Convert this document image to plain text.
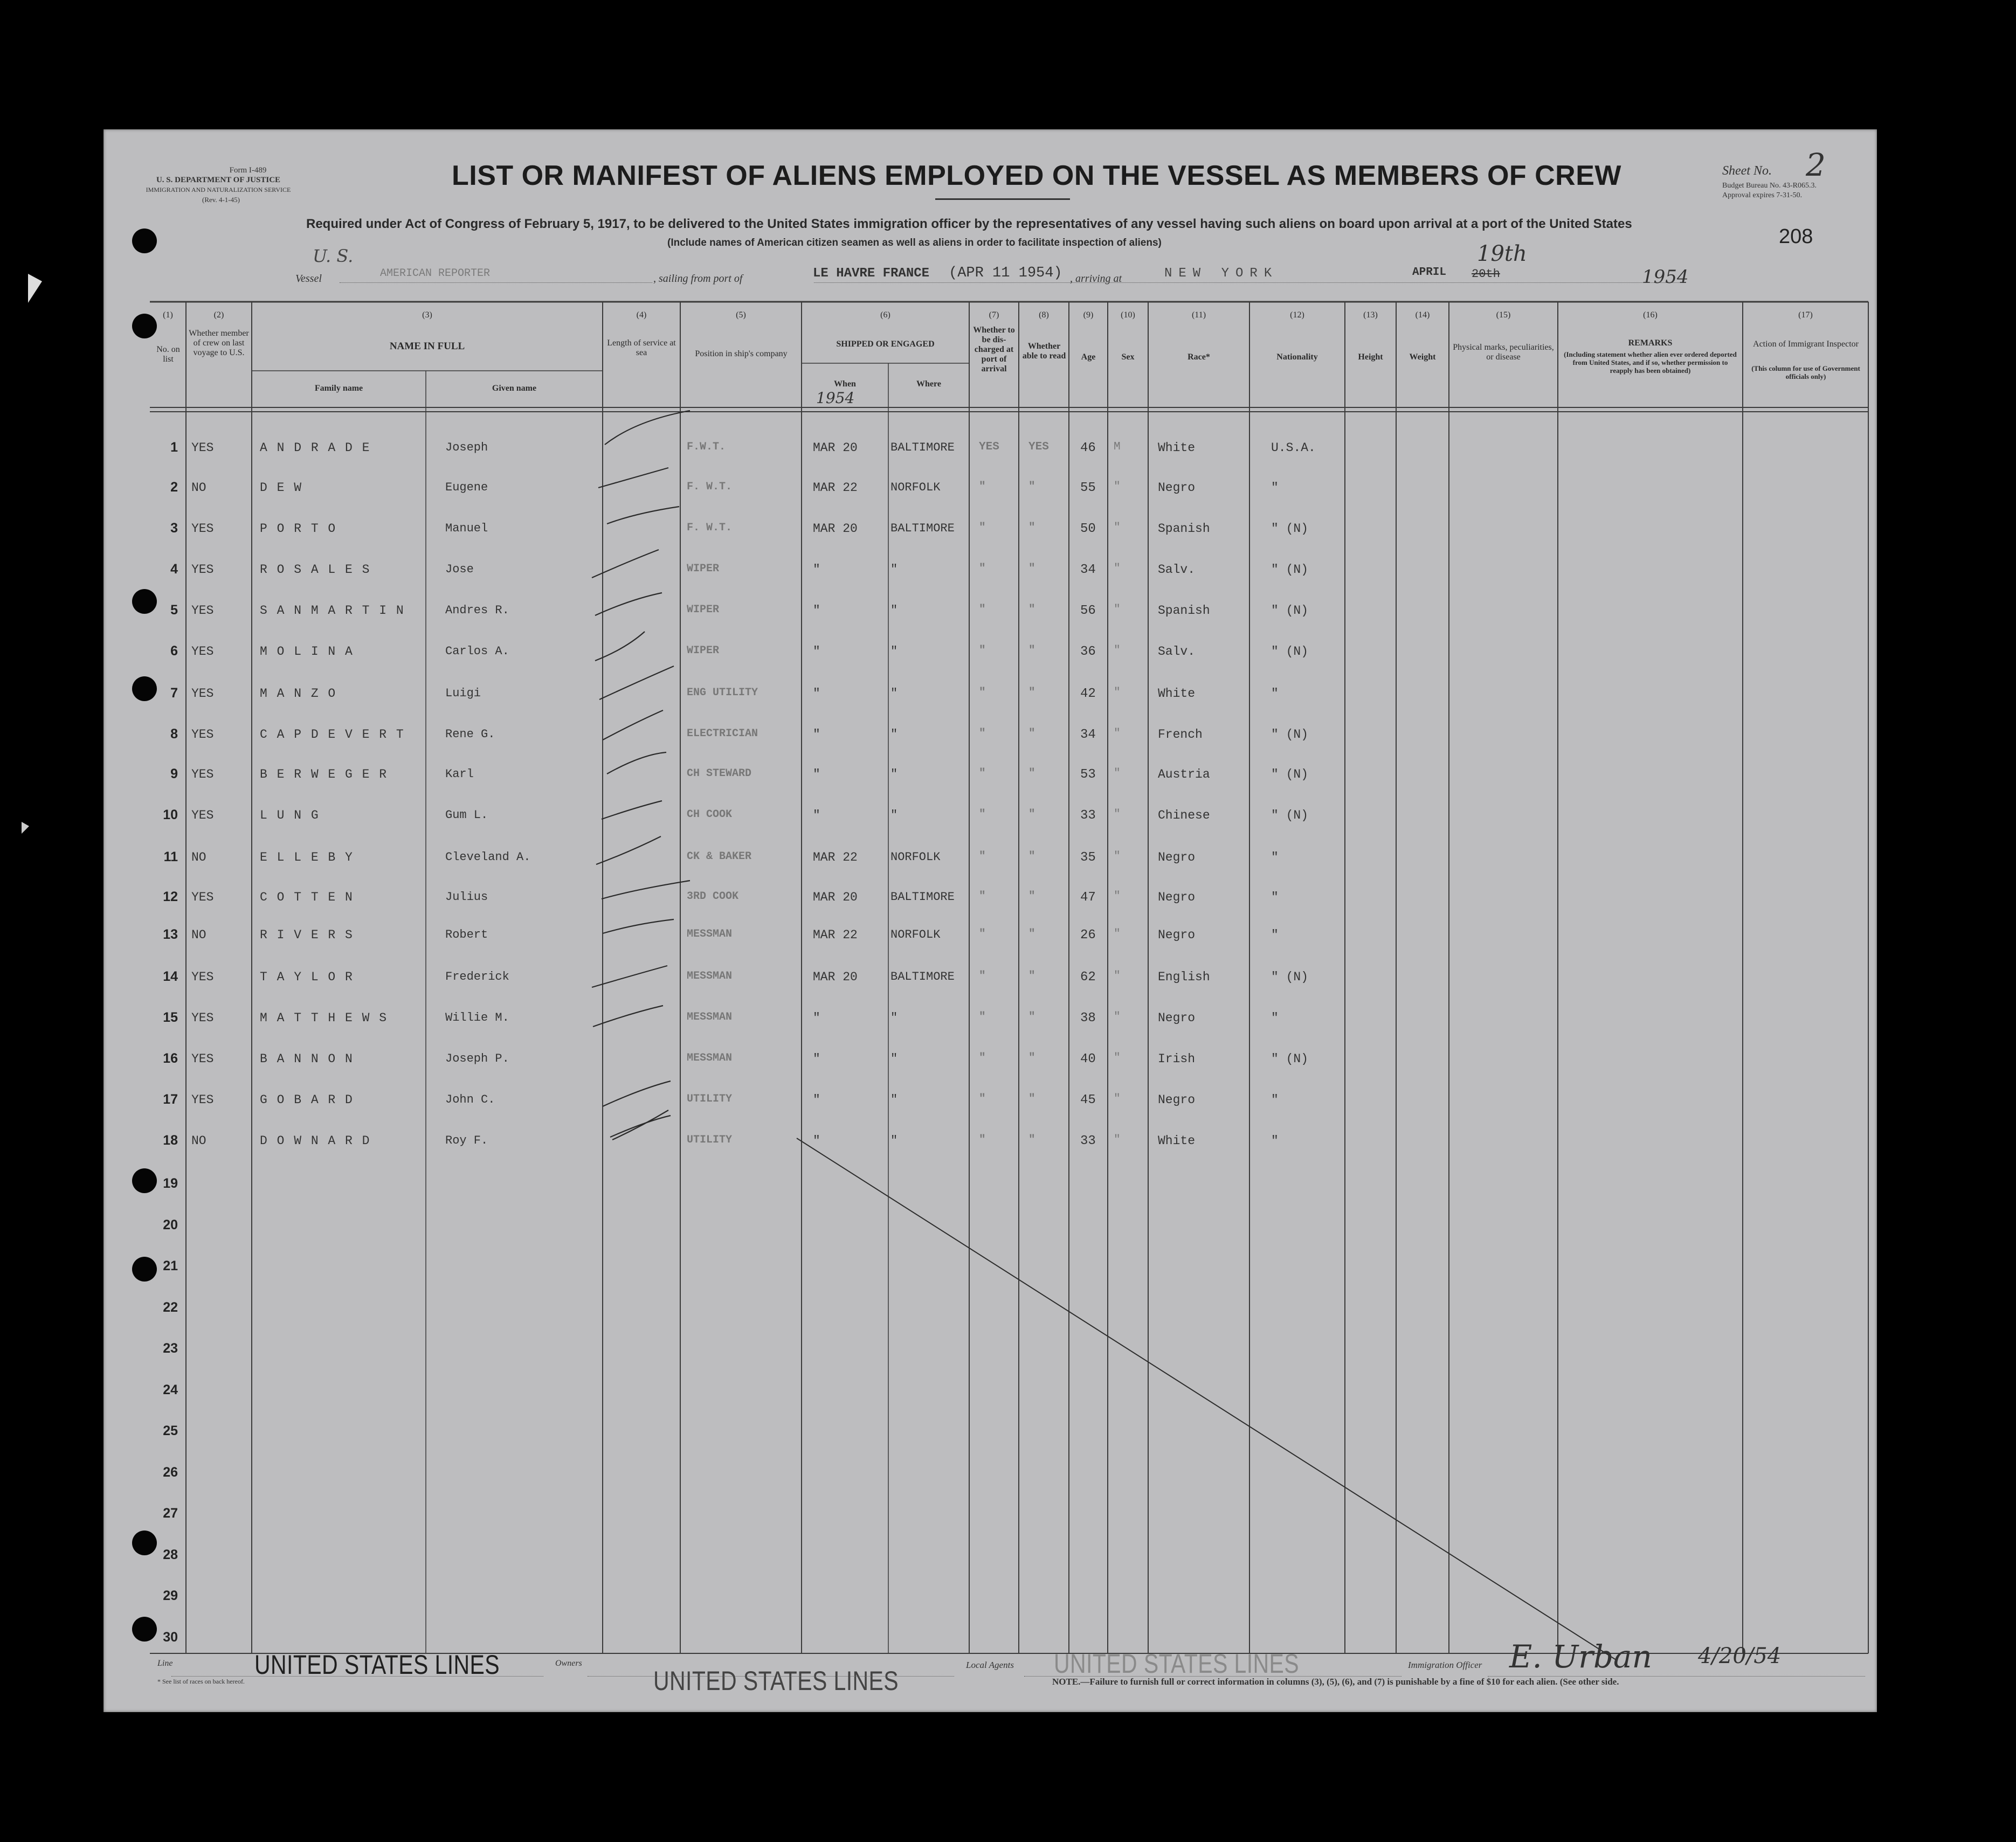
Form I-489
U. S. DEPARTMENT OF JUSTICE
IMMIGRATION AND NATURALIZATION SERVICE
(Rev. 4-1-45)
LIST OR MANIFEST OF ALIENS EMPLOYED ON THE VESSEL AS MEMBERS OF CREW
Required under Act of Congress of February 5, 1917, to be delivered to the United States immigration officer by the representatives of any vessel having such aliens on board upon arrival at a port of the United States
(Include names of American citizen seamen as well as aliens in order to facilitate inspection of aliens)
Sheet No. 2
Budget Bureau No. 43-R065.3.
Approval expires 7-31-50.
208
U. S.
Vessel	AMERICAN REPORTER	, sailing from port of	LE HAVRE FRANCE (APR 11 1954) , arriving at	NEW YORK	APRIL 20th
19th
1954
(1)	(2)	(3)	(4)	(5)	(6)	(7)	(8)	(9)	(10)	(11)	(12)	(13)	(14)	(15)	(16)	(17)
No. on list
Whether member of crew on last voyage to U.S.
NAME IN FULL
Family name	Given name
Length of service at sea	Position in ship's company
SHIPPED OR ENGAGED
When	Where
1954
Whether to be dis- charged at port of arrival
Whether able to read	Age	Sex	Race*	Nationality	Height	Weight
Physical marks, peculiarities, or disease
REMARKS
(Including statement whether alien ever ordered deported from United States, and if so, whether permission to reapply has been obtained)
Action of Immigrant Inspector
(This column for use of Government officials only)
1 YES	A N D R A D E	Joseph	F.W.T.	MAR 20	BALTIMORE YES	YES 46 M	White	U.S.A.
2 NO	D E W	Eugene	F. W.T.	MAR 22	NORFOLK	"	"	55 "	Negro	"
3 YES	P O R T O	Manuel	F. W.T.	MAR 20	BALTIMORE "	"	50 "	Spanish	" (N)
4 YES	R O S A L E S	Jose	WIPER	"	"	"	"	34 "	Salv.	" (N)
5 YES	S A N M A R T I N	Andres R.	WIPER	"	"	"	"	56 "	Spanish	" (N)
6 YES	M O L I N A	Carlos A.	WIPER	"	"	"	"	36 "	Salv.	" (N)
7 YES	M A N Z O	Luigi	ENG UTILITY	"	"	"	"	42 "	White	"
8 YES	C A P D E V E R T	Rene G.	ELECTRICIAN	"	"	"	"	34 "	French	" (N)
9 YES	B E R W E G E R	Karl	CH STEWARD	"	"	"	"	53 "	Austria	" (N)
10 YES	L U N G	Gum L.	CH COOK	"	"	"	"	33 "	Chinese	" (N)
11 NO	E L L E B Y	Cleveland A.	CK & BAKER	MAR 22	NORFOLK	"	"	35 "	Negro	"
12 YES	C O T T E N	Julius	3RD COOK	MAR 20	BALTIMORE "	"	47 "	Negro	"
13 NO	R I V E R S	Robert	MESSMAN	MAR 22	NORFOLK	"	"	26 "	Negro	"
14 YES	T A Y L O R	Frederick	MESSMAN	MAR 20	BALTIMORE "	"	62 "	English	" (N)
15 YES	M A T T H E W S	Willie M.	MESSMAN	"	"	"	"	38 "	Negro	"
16 YES	B A N N O N	Joseph P.	MESSMAN	"	"	"	"	40 "	Irish	" (N)
17 YES	G O B A R D	John C.	UTILITY	"	"	"	"	45 "	Negro	"
18 NO	D O W N A R D	Roy F.	UTILITY	"	"	"	"	33 "	White	"
19
20
21
22
23
24
25
26
27
28
29
30
Line	UNITED STATES LINES	Owners
UNITED STATES LINES
Local Agents UNITED STATES LINES	Immigration Officer E. Urban 4/20/54
* See list of races on back hereof.	NOTE.—Failure to furnish full or correct information in columns (3), (5), (6), and (7) is punishable by a fine of $10 for each alien. (See other side.
